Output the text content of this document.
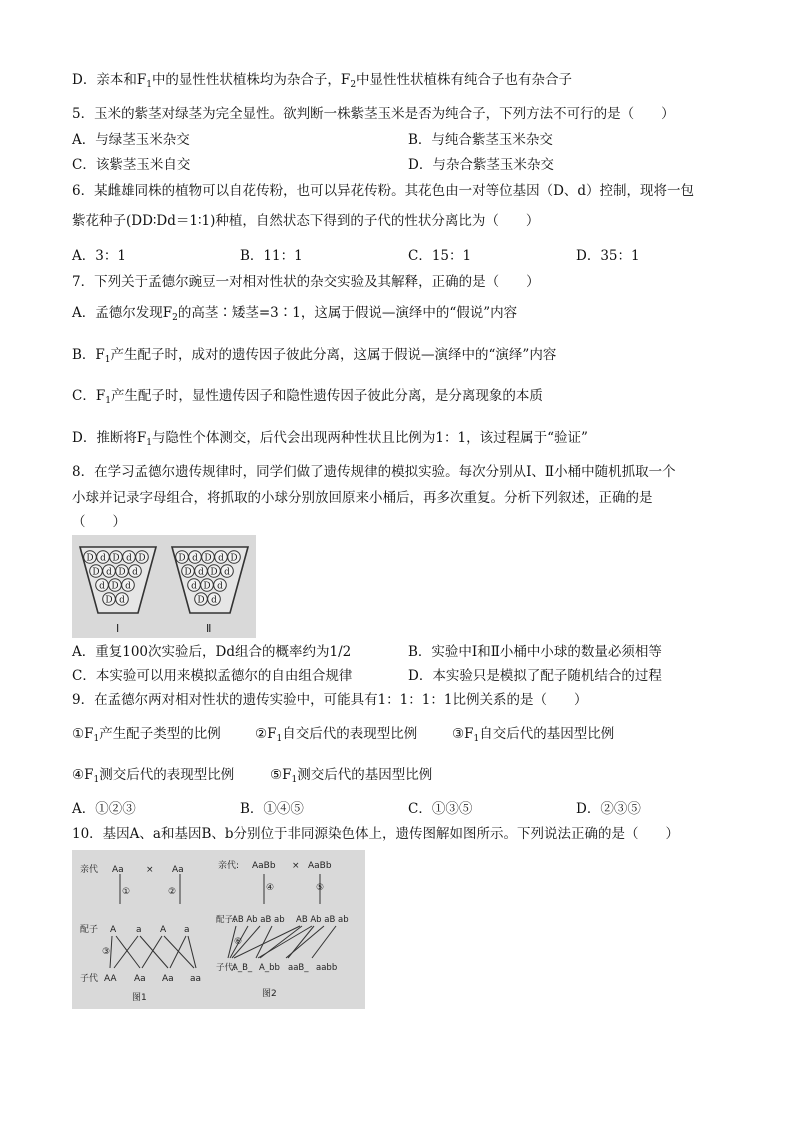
D．亲本和$F_1$中的显性性状植株均为杂合子，$F_2$中显性性状植株有纯合子也有杂合子
5．玉米的紫茎对绿茎为完全显性。欲判断一株紫茎玉米是否为纯合子，下列方法不可行的是（　　）
A．与绿茎玉米杂交	B．与纯合紫茎玉米杂交
C．该紫茎玉米自交	D．与杂合紫茎玉米杂交
6．某雌雄同株的植物可以自花传粉，也可以异花传粉。其花色由一对等位基因（D、d）控制，现将一包
紫花种子(DD∶Dd＝1∶1)种植，自然状态下得到的子代的性状分离比为（　　）
A．3：1	B．11：1	C．15：1	D．35：1
7．下列关于孟德尔豌豆一对相对性状的杂交实验及其解释，正确的是（　　）
A．孟德尔发现$F_2$的高茎∶矮茎=3∶1，这属于假说—演绎中的“假说”内容
B．$F_1$产生配子时，成对的遗传因子彼此分离，这属于假说—演绎中的“演绎”内容
C．$F_1$产生配子时，显性遗传因子和隐性遗传因子彼此分离，是分离现象的本质
D．推断将$F_1$与隐性个体测交，后代会出现两种性状且比例为1：1，该过程属于“验证”
8．在学习孟德尔遗传规律时，同学们做了遗传规律的模拟实验。每次分别从Ⅰ、Ⅱ小桶中随机抓取一个
小球并记录字母组合，将抓取的小球分别放回原来小桶后，再多次重复。分析下列叙述，正确的是
（　　）
D d D d D
D d D d
d D d
D d
D d D d D
D d D d
d D d
D d
Ⅰ	Ⅱ
A．重复100次实验后，Dd组合的概率约为1/2	B．实验中Ⅰ和Ⅱ小桶中小球的数量必须相等
C．本实验可以用来模拟孟德尔的自由组合规律	D．本实验只是模拟了配子随机结合的过程
9．在孟德尔两对相对性状的遗传实验中，可能具有1：1：1：1比例关系的是（　　）
$①F_1$产生配子类型的比例	$②F_1$自交后代的表现型比例	$③F_1$自交后代的基因型比例
$④F_1$测交后代的表现型比例	$⑤F_1$测交后代的基因型比例
A．①②③	B．①④⑤	C．①③⑤	D．②③⑤
10．基因A、a和基因B、b分别位于非同源染色体上，遗传图解如图所示。下列说法正确的是（　　）
亲代 Aa × Aa
①	②
配子 A a A a
③
子代 AA Aa Aa aa
图1
亲代: AaBb × AaBb
④	⑤
配子:
AB Ab aB ab AB Ab aB ab
⑥
子代:
A_B_ A_bb aaB_ aabb
图2
